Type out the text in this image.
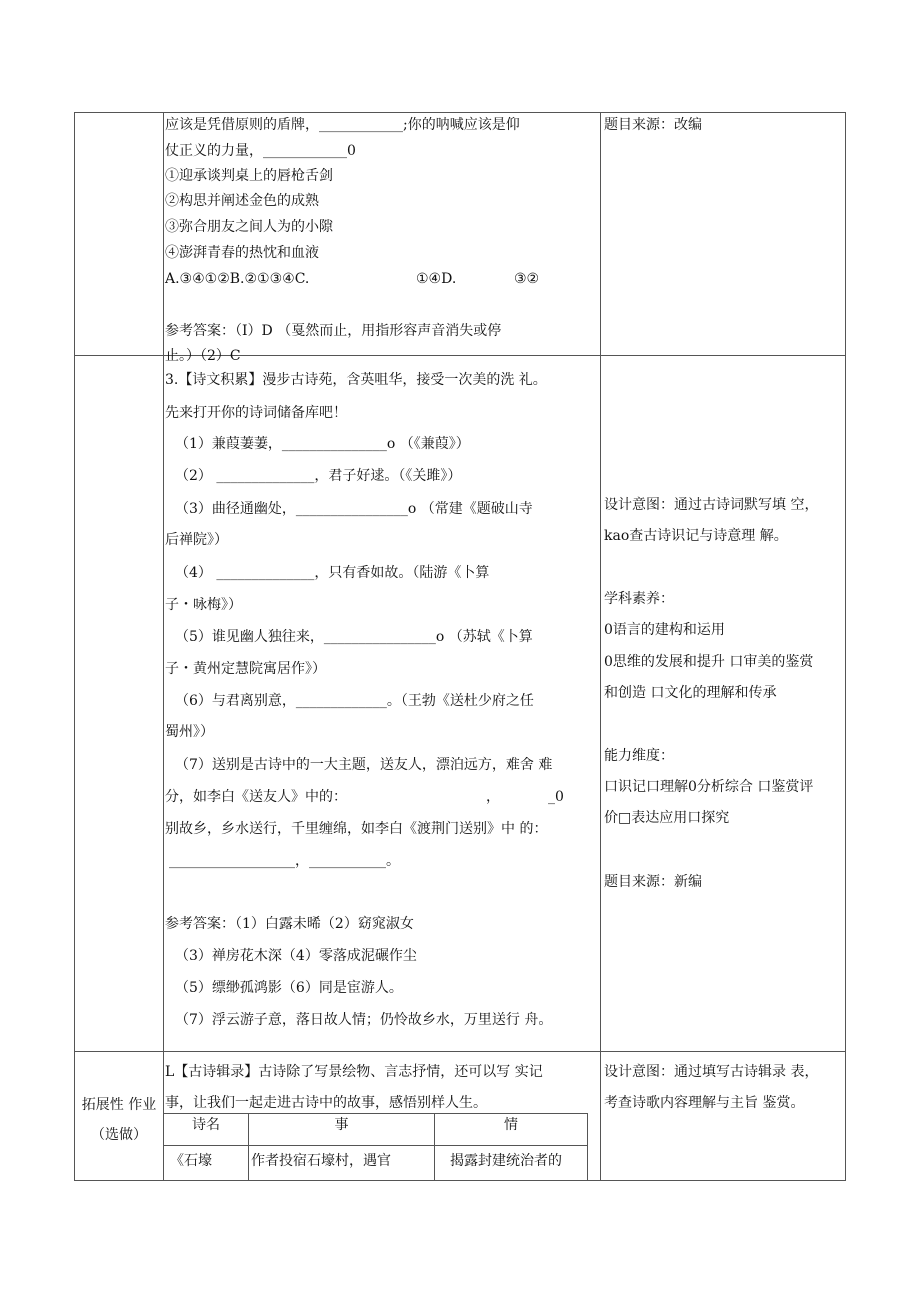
应该是凭借原则的盾牌，____________;你的呐喊应该是仰
仗正义的力量，____________0
①迎承谈判桌上的唇枪舌剑
②构思并阐述金色的成熟
③弥合朋友之间人为的小隙
④澎湃青春的热忱和血液
A.③④①②B.②①③④C.	①④D.	③②
参考答案：（I）D （戛然而止，用指形容声音消失或停
止。）（2）C
题目来源：改编
3.【诗文积累】漫步古诗苑，含英咀华，接受一次美的洗 礼。
先来打开你的诗词储备库吧！
（1）兼葭萋萋，_______________o （《兼葭》）
（2） ______________，君子好逑。（《关雎》）
（3）曲径通幽处，________________o （常建《题破山寺
后禅院》）
（4） ______________，只有香如故。（陆游《卜算
子・咏梅》）
（5）谁见幽人独往来，________________o （苏轼《卜算
子・黄州定慧院寓居作》）
（6）与君离别意，_____________。（王勃《送杜少府之任
蜀州》）
（7）送别是古诗中的一大主题，送友人，漂泊远方，难舍 难
分，如李白《送友人》中的：	，	_0
别故乡，乡水送行，千里缠绵，如李白《渡荆门送别》中 的：
__________________，___________。
参考答案：（1）白露未晞（2）窈窕淑女
（3）禅房花木深（4）零落成泥碾作尘
（5）缥缈孤鸿影（6）同是宦游人。
（7）浮云游子意，落日故人情；仍怜故乡水，万里送行 舟。
设计意图：通过古诗词默写填 空，
kao查古诗识记与诗意理 解。
学科素养：
0语言的建构和运用
0思维的发展和提升 口审美的鉴赏
和创造 口文化的理解和传承
能力维度：
口识记口理解0分析综合 口鉴赏评
价□表达应用口探究
题目来源：新编
拓展性 作业
（选做）
L【古诗辑录】古诗除了写景绘物、言志抒情，还可以写 实记
事，让我们一起走进古诗中的故事，感悟别样人生。
诗名	事	情
《石壕	作者投宿石壕村，遇官	揭露封建统治者的
设计意图：通过填写古诗辑录 表，
考查诗歌内容理解与主旨 鉴赏。
